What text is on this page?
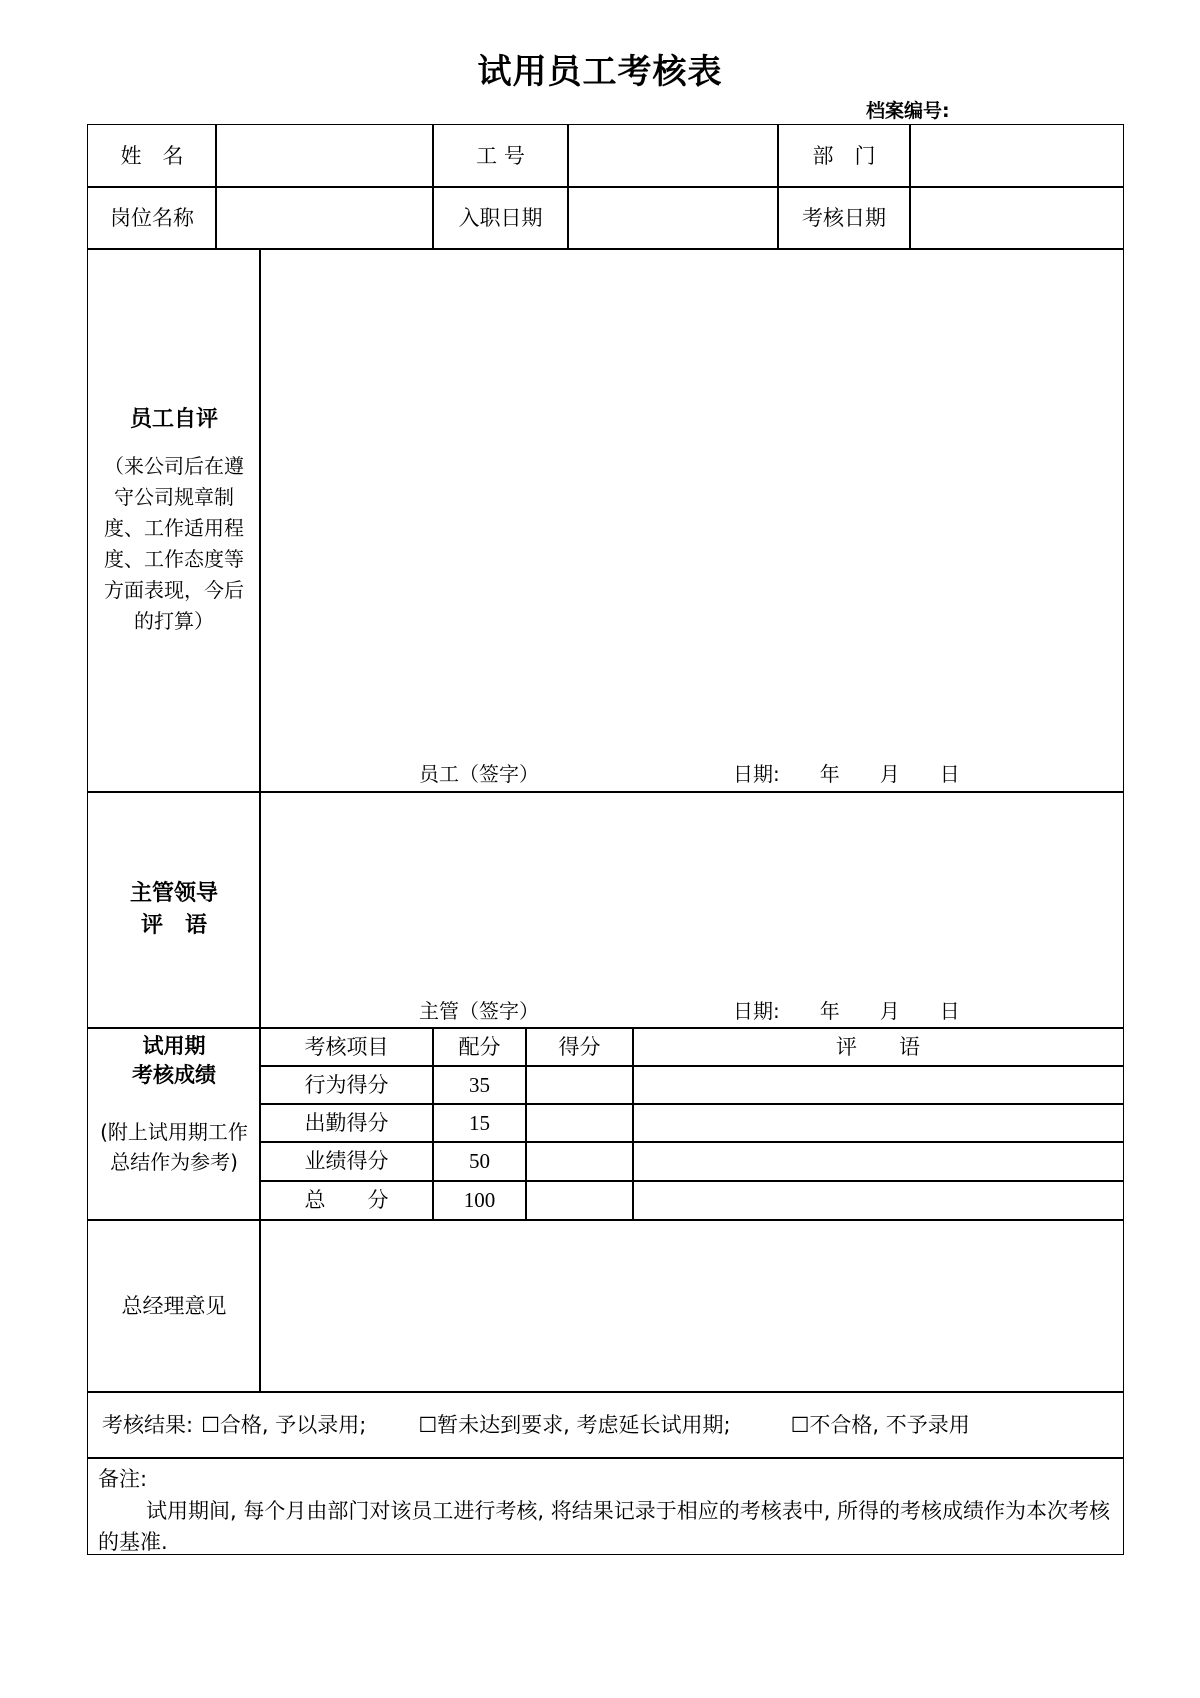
试用员工考核表
档案编号:
姓　名	工 号	部　门
岗位名称	入职日期	考核日期
员工自评
（来公司后在遵守公司规章制度、工作适用程度、工作态度等方面表现，今后的打算）
员工（签字）	日期:　　年　　月　　日
主管领导
评　语
主管（签字）	日期:　　年　　月　　日
试用期
考核成绩
(附上试用期工作总结作为参考)
考核项目	配分	得分	评　　语
行为得分	35
出勤得分	15
业绩得分	50
总　　分	100
总经理意见
考核结果: ☐合格, 予以录用; ☐暂未达到要求, 考虑延长试用期;	☐不合格, 不予录用

备注:

试用期间, 每个月由部门对该员工进行考核, 将结果记录于相应的考核表中, 所得的考核成绩作为本次考核的基准.
